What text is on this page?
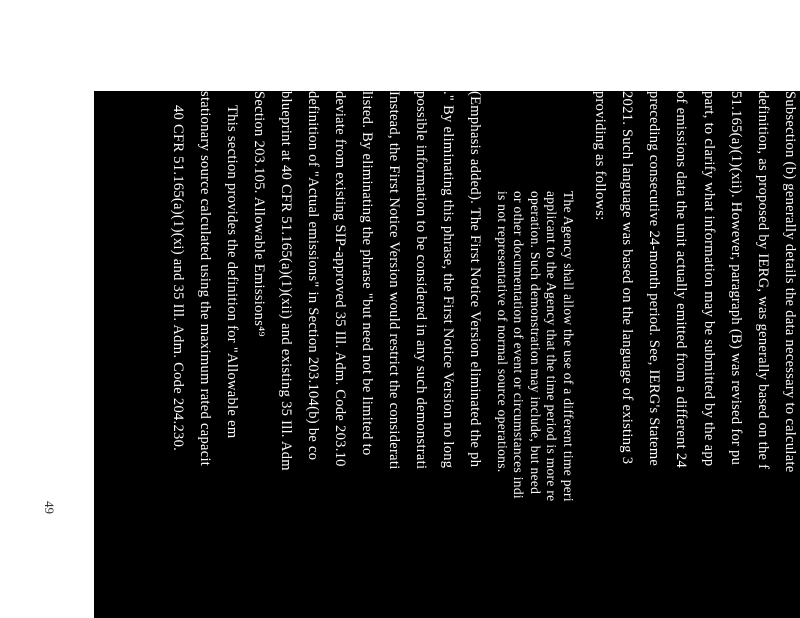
Subsection (b) generally details the data necessary to calculate
definition, as proposed by IERG, was generally based on the f
51.165(a)(1)(xii). However, paragraph (B) was revised for pu
part, to clarify what information may be submitted by the app
of emissions data the unit actually emitted from a different 24
preceding consecutive 24-month period. See, IERG's Stateme
2021. Such language was based on the language of existing 3
providing as follows:
The Agency shall allow the use of a different time peri
applicant to the Agency that the time period is more re
operation. Such demonstration may include, but need
or other documentation of event or circumstances indi
is not representative of normal source operations.
(Emphasis added). The First Notice Version eliminated the ph
." By eliminating this phrase, the First Notice Version no long
possible information to be considered in any such demonstrati
Instead, the First Notice Version would restrict the considerati
listed. By eliminating the phrase "but need not be limited to
deviate from existing SIP-approved 35 Ill. Adm. Code 203.10
definition of "Actual emissions" in Section 203.104(b) be co
blueprint at 40 CFR 51.165(a)(1)(xii) and existing 35 Ill. Adm
Section 203.105. Allowable Emissions⁴⁹
This section provides the definition for "Allowable em
stationary source calculated using the maximum rated capacit
40 CFR 51.165(a)(1)(xi) and 35 Ill. Adm. Code 204.230.
49
